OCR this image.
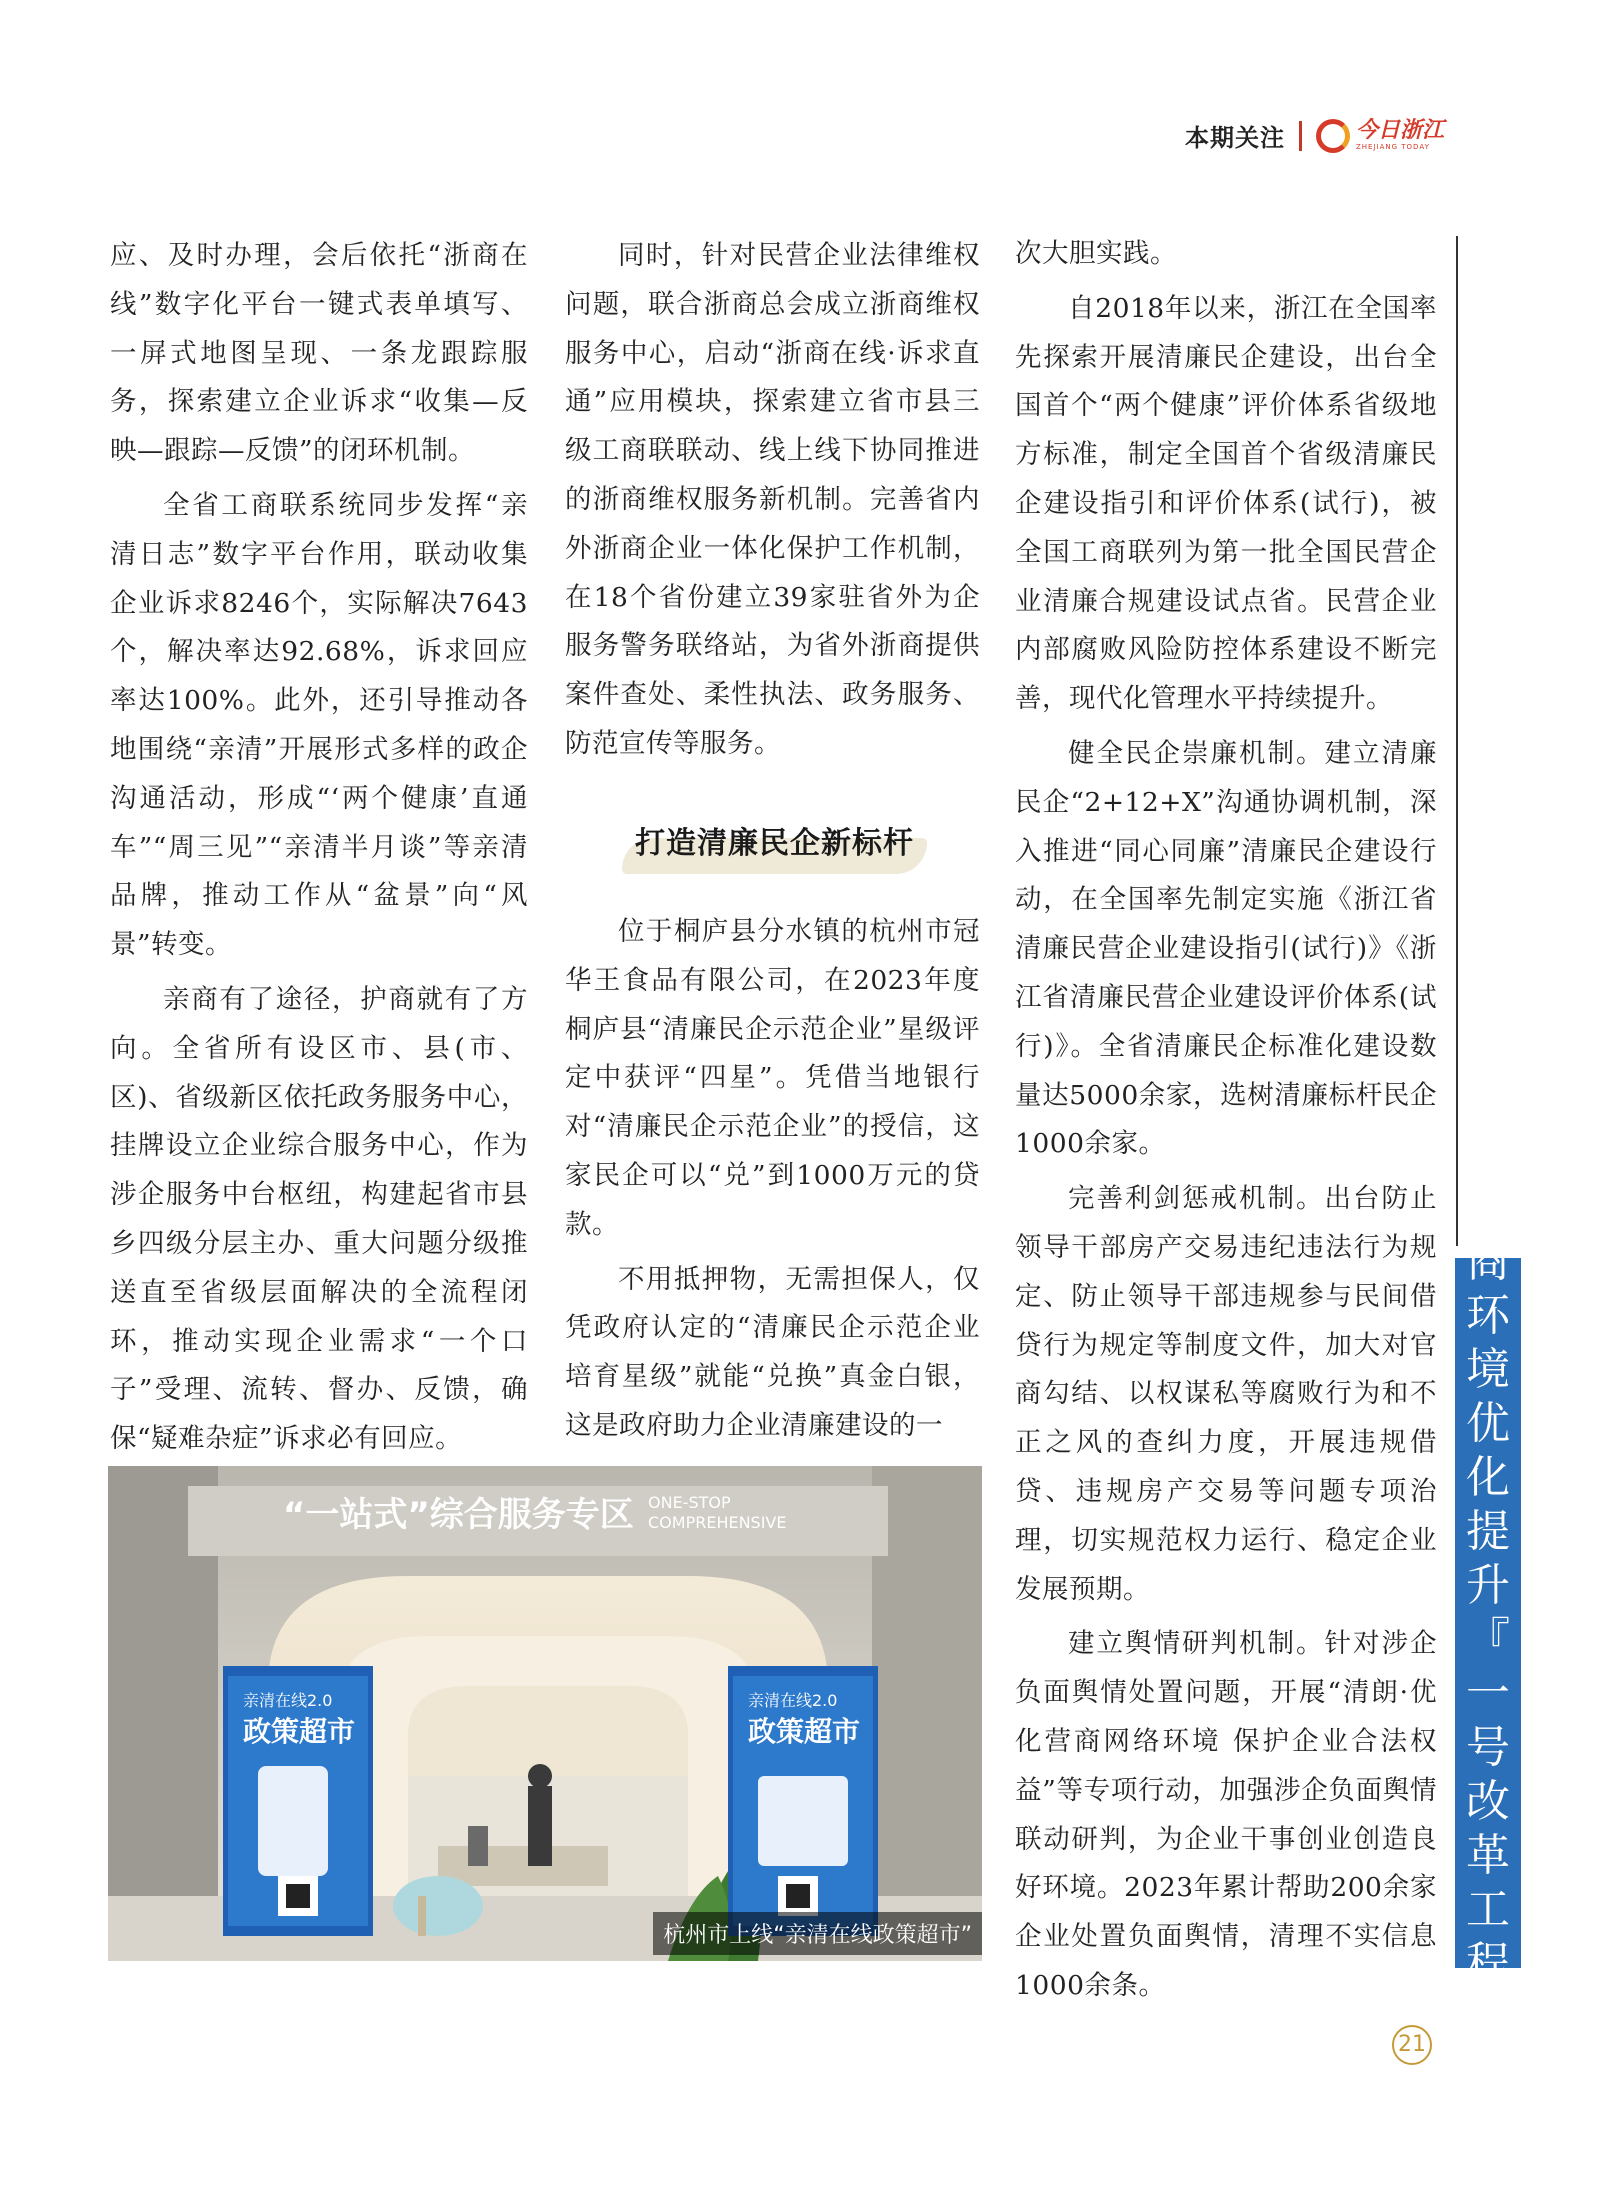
本期关注	今日浙江
ZHEJIANG TODAY

应、及时办理，会后依托“浙商在线”数字化平台一键式表单填写、一屏式地图呈现、一条龙跟踪服务，探索建立企业诉求“收集—反映—跟踪—反馈”的闭环机制。

全省工商联系统同步发挥“亲清日志”数字平台作用，联动收集企业诉求8246个，实际解决7643个，解决率达92.68%，诉求回应率达100%。此外，还引导推动各地围绕“亲清”开展形式多样的政企沟通活动，形成“‘两个健康’直通车”“周三见”“亲清半月谈”等亲清品牌，推动工作从“盆景”向“风景”转变。

亲商有了途径，护商就有了方向。全省所有设区市、县(市、区)、省级新区依托政务服务中心，挂牌设立企业综合服务中心，作为涉企服务中台枢纽，构建起省市县乡四级分层主办、重大问题分级推送直至省级层面解决的全流程闭环，推动实现企业需求“一个口子”受理、流转、督办、反馈，确保“疑难杂症”诉求必有回应。

同时，针对民营企业法律维权问题，联合浙商总会成立浙商维权服务中心，启动“浙商在线·诉求直通”应用模块，探索建立省市县三级工商联联动、线上线下协同推进的浙商维权服务新机制。完善省内外浙商企业一体化保护工作机制，在18个省份建立39家驻省外为企服务警务联络站，为省外浙商提供案件查处、柔性执法、政务服务、防范宣传等服务。

打造清廉民企新标杆

位于桐庐县分水镇的杭州市冠华王食品有限公司，在2023年度桐庐县“清廉民企示范企业”星级评定中获评“四星”。凭借当地银行对“清廉民企示范企业”的授信，这家民企可以“兑”到1000万元的贷款。

不用抵押物，无需担保人，仅凭政府认定的“清廉民企示范企业培育星级”就能“兑换”真金白银，这是政府助力企业清廉建设的一

次大胆实践。

自2018年以来，浙江在全国率先探索开展清廉民企建设，出台全国首个“两个健康”评价体系省级地方标准，制定全国首个省级清廉民企建设指引和评价体系(试行)，被全国工商联列为第一批全国民营企业清廉合规建设试点省。民营企业内部腐败风险防控体系建设不断完善，现代化管理水平持续提升。

健全民企崇廉机制。建立清廉民企“2+12+X”沟通协调机制，深入推进“同心同廉”清廉民企建设行动，在全国率先制定实施《浙江省清廉民营企业建设指引(试行)》《浙江省清廉民营企业建设评价体系(试行)》。全省清廉民企标准化建设数量达5000余家，选树清廉标杆民企1000余家。

完善利剑惩戒机制。出台防止领导干部房产交易违纪违法行为规定、防止领导干部违规参与民间借贷行为规定等制度文件，加大对官商勾结、以权谋私等腐败行为和不正之风的查纠力度，开展违规借贷、违规房产交易等问题专项治理，切实规范权力运行、稳定企业发展预期。

建立舆情研判机制。针对涉企负面舆情处置问题，开展“清朗·优化营商网络环境 保护企业合法权益”等专项行动，加强涉企负面舆情联动研判，为企业干事创业创造良好环境。2023年累计帮助200余家企业处置负面舆情，清理不实信息1000余条。

营
商
环
境
优
化
提
升
『
一
号
改
革
工
程
』
“一站式”综合服务专区 ONE-STOP
COMPREHENSIVE
亲清在线2.0
政策超市
亲清在线2.0
政策超市
杭州市上线“亲清在线政策超市”
21
